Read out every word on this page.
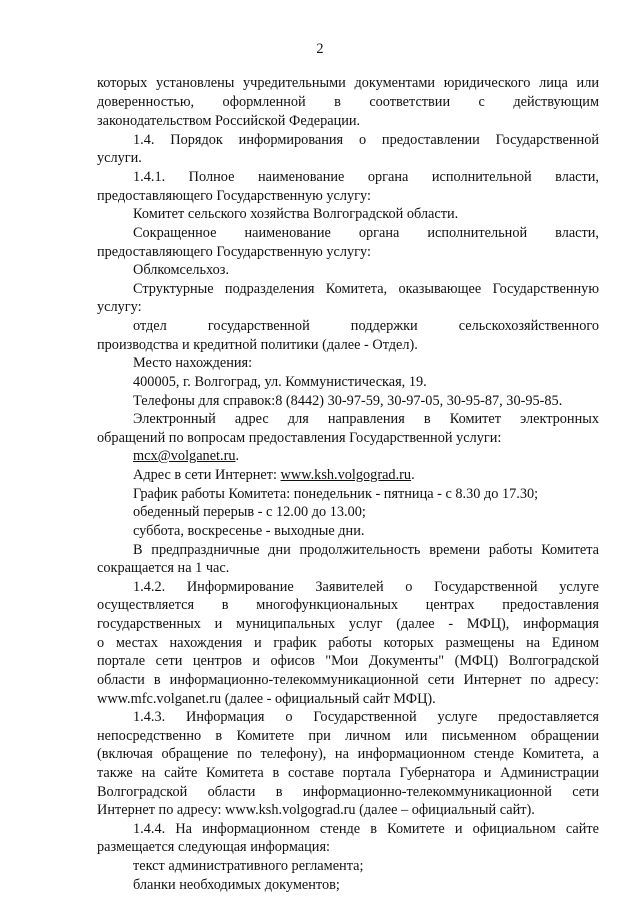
2
которых установлены учредительными документами юридического лица или
доверенностью, оформленной в соответствии с действующим
законодательством Российской Федерации.
1.4. Порядок информирования о предоставлении Государственной
услуги.
1.4.1. Полное наименование органа исполнительной власти,
предоставляющего Государственную услугу:
Комитет сельского хозяйства Волгоградской области.
Сокращенное наименование органа исполнительной власти,
предоставляющего Государственную услугу:
Облкомсельхоз.
Структурные подразделения Комитета, оказывающее Государственную
услугу:
отдел государственной поддержки сельскохозяйственного
производства и кредитной политики (далее - Отдел).
Место нахождения:
400005, г. Волгоград, ул. Коммунистическая, 19.
Телефоны для справок:8 (8442) 30-97-59, 30-97-05, 30-95-87, 30-95-85.
Электронный адрес для направления в Комитет электронных
обращений по вопросам предоставления Государственной услуги:
mcx@volganet.ru.
Адрес в сети Интернет: www.ksh.volgograd.ru.
График работы Комитета: понедельник - пятница - с 8.30 до 17.30;
обеденный перерыв - с 12.00 до 13.00;
суббота, воскресенье - выходные дни.
В предпраздничные дни продолжительность времени работы Комитета
сокращается на 1 час.
1.4.2. Информирование Заявителей о Государственной услуге
осуществляется в многофункциональных центрах предоставления
государственных и муниципальных услуг (далее - МФЦ), информация
о местах нахождения и график работы которых размещены на Едином
портале сети центров и офисов "Мои Документы" (МФЦ) Волгоградской
области в информационно-телекоммуникационной сети Интернет по адресу:
www.mfc.volganet.ru (далее - официальный сайт МФЦ).
1.4.3. Информация о Государственной услуге предоставляется
непосредственно в Комитете при личном или письменном обращении
(включая обращение по телефону), на информационном стенде Комитета, а
также на сайте Комитета в составе портала Губернатора и Администрации
Волгоградской области в информационно-телекоммуникационной сети
Интернет по адресу: www.ksh.volgograd.ru (далее – официальный сайт).
1.4.4. На информационном стенде в Комитете и официальном сайте
размещается следующая информация:
текст административного регламента;
бланки необходимых документов;
